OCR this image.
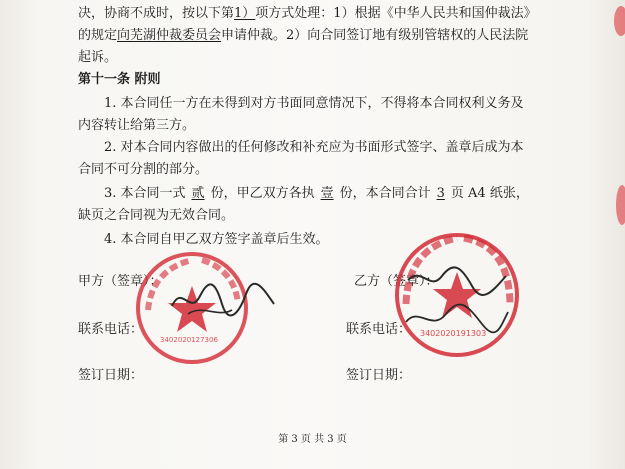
决，协商不成时，按以下第1）项方式处理：1）根据《中华人民共和国仲裁法》
的规定向芜湖仲裁委员会申请仲裁。2）向合同签订地有级别管辖权的人民法院
起诉。
第十一条 附则
1. 本合同任一方在未得到对方书面同意情况下，不得将本合同权利义务及
内容转让给第三方。
2. 对本合同内容做出的任何修改和补充应为书面形式签字、盖章后成为本
合同不可分割的部分。
3. 本合同一式 贰 份，甲乙双方各执 壹 份，本合同合计 3 页 A4 纸张，
缺页之合同视为无效合同。
4. 本合同自甲乙双方签字盖章后生效。
甲方（签章）：	乙方（签章）：
联系电话：	联系电话：
签订日期：	签订日期：
3402020127306
3402020191303
第 3 页 共 3 页
